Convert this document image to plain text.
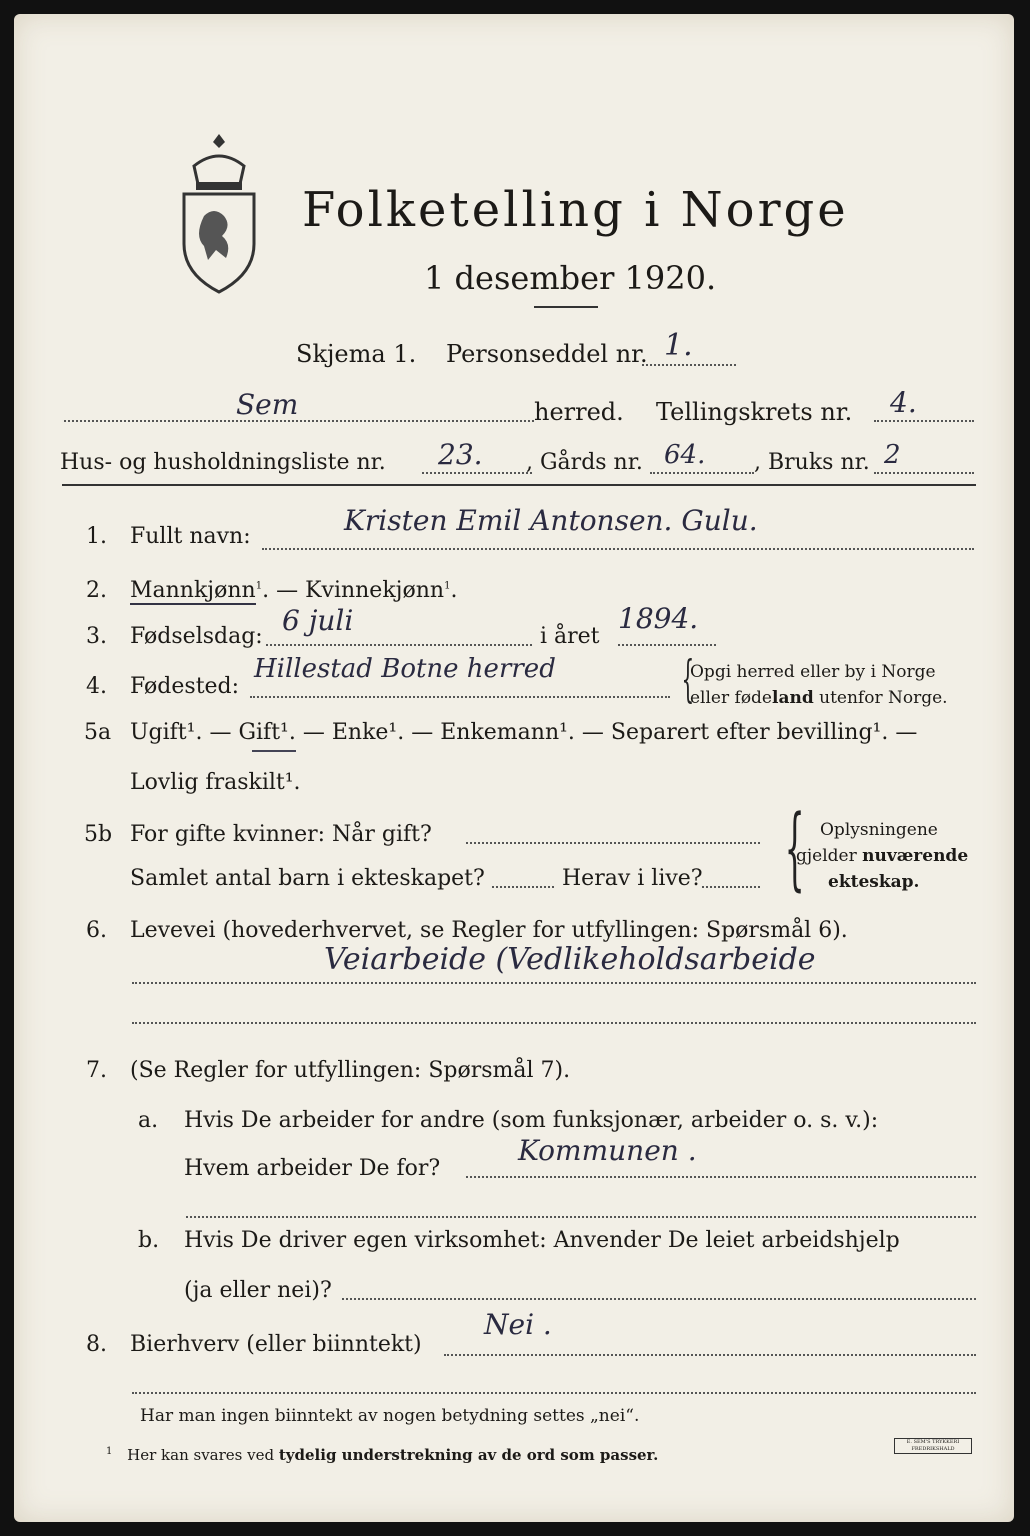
Folketelling i Norge
1 desember 1920.
Skjema 1. Personseddel nr. 1.
Sem	herred. Tellingskrets nr. 4.
Hus- og husholdningsliste nr. 23. , Gårds nr. 64. , Bruks nr. 2
1. Fullt navn:	Kristen Emil Antonsen. Gulu.
2. Mannkjønn$^1$. — Kvinnekjønn$^1$.
3. Fødselsdag: 6 juli	i året
1894.
4. Fødested:
Hillestad Botne herred	{
Opgi herred eller by i Norge
eller fødeland utenfor Norge.
5a Ugift¹. — Gift¹. — Enke¹. — Enkemann¹. — Separert efter bevilling¹. —
Lovlig fraskilt¹.
5b For gifte kvinner: Når gift?
Samlet antal barn i ekteskapet?	Herav i live? { Oplysningene
gjelder nuværende
ekteskap.
6. Levevei (hovederhvervet, se Regler for utfyllingen: Spørsmål 6).
Veiarbeide (Vedlikeholdsarbeide
7. (Se Regler for utfyllingen: Spørsmål 7).
a. Hvis De arbeider for andre (som funksjonær, arbeider o. s. v.):
Hvem arbeider De for?
Kommunen .
b. Hvis De driver egen virksomhet: Anvender De leiet arbeidshjelp
(ja eller nei)?
8. Bierhverv (eller biinntekt)
Nei .
Har man ingen biinntekt av nogen betydning settes „nei“.
$^1$ Her kan svares ved tydelig understrekning av de ord som passer.
E. SEM'S TRYKKERI FREDRIKSHALD
